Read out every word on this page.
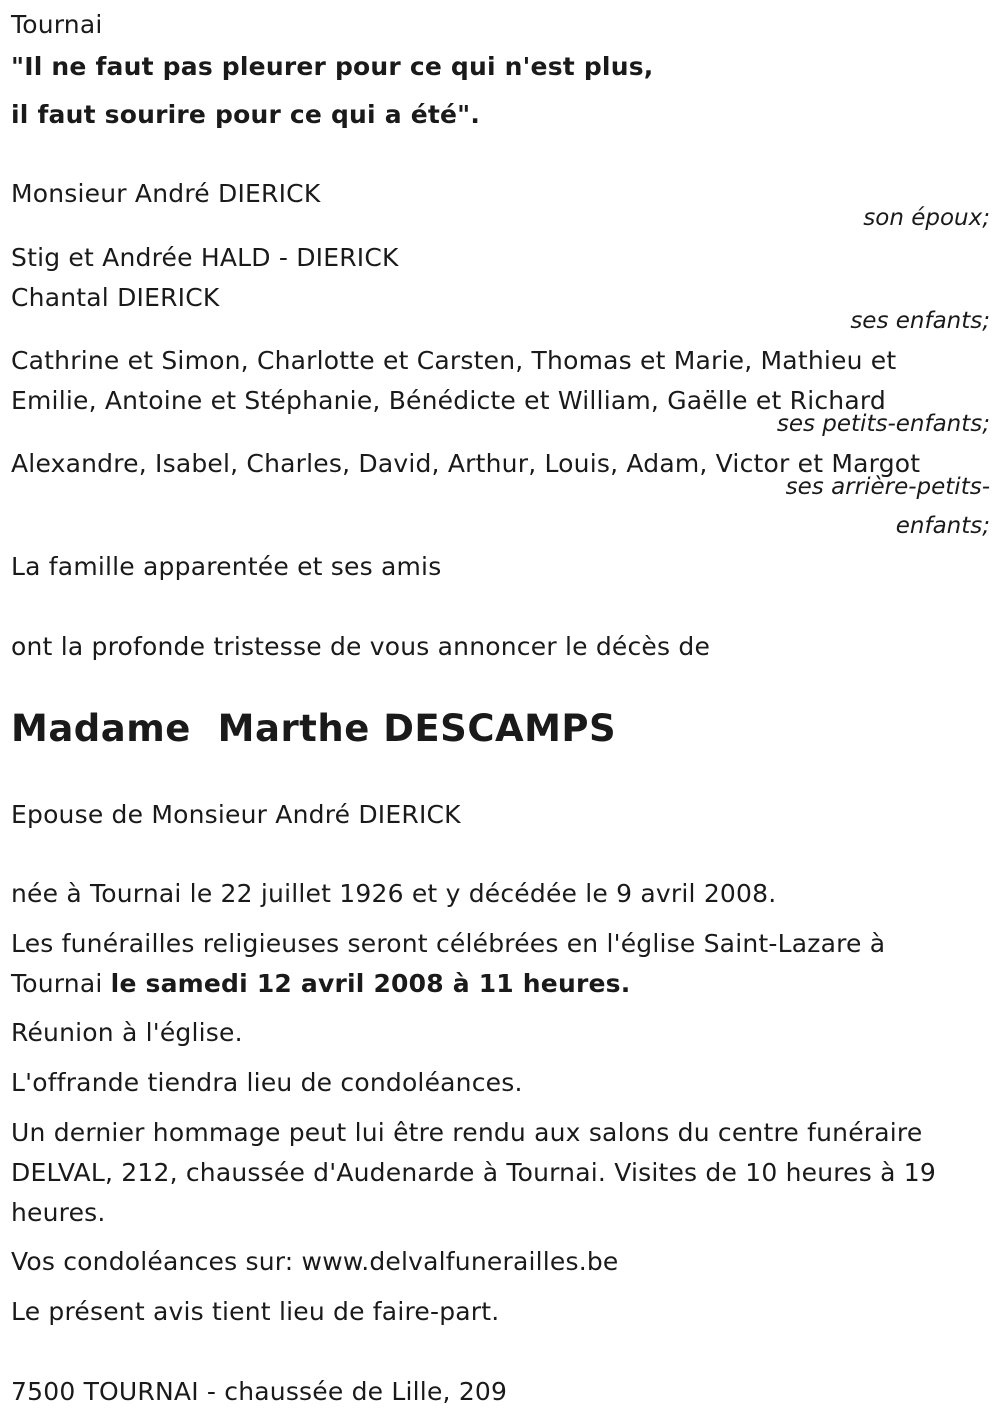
Tournai
"Il ne faut pas pleurer pour ce qui n'est plus,
il faut sourire pour ce qui a été".
Monsieur André DIERICK
son époux;
Stig et Andrée HALD - DIERICK
Chantal DIERICK
ses enfants;
Cathrine et Simon, Charlotte et Carsten, Thomas et Marie, Mathieu et
Emilie, Antoine et Stéphanie, Bénédicte et William, Gaëlle et Richard
ses petits-enfants;
Alexandre, Isabel, Charles, David, Arthur, Louis, Adam, Victor et Margot
ses arrière-petits-
enfants;
La famille apparentée et ses amis
ont la profonde tristesse de vous annoncer le décès de
Madame  Marthe DESCAMPS
Epouse de Monsieur André DIERICK
née à Tournai le 22 juillet 1926 et y décédée le 9 avril 2008.
Les funérailles religieuses seront célébrées en l'église Saint-Lazare à
Tournai le samedi 12 avril 2008 à 11 heures.
Réunion à l'église.
L'offrande tiendra lieu de condoléances.
Un dernier hommage peut lui être rendu aux salons du centre funéraire
DELVAL, 212, chaussée d'Audenarde à Tournai. Visites de 10 heures à 19
heures.
Vos condoléances sur: www.delvalfunerailles.be
Le présent avis tient lieu de faire-part.
7500 TOURNAI - chaussée de Lille, 209
